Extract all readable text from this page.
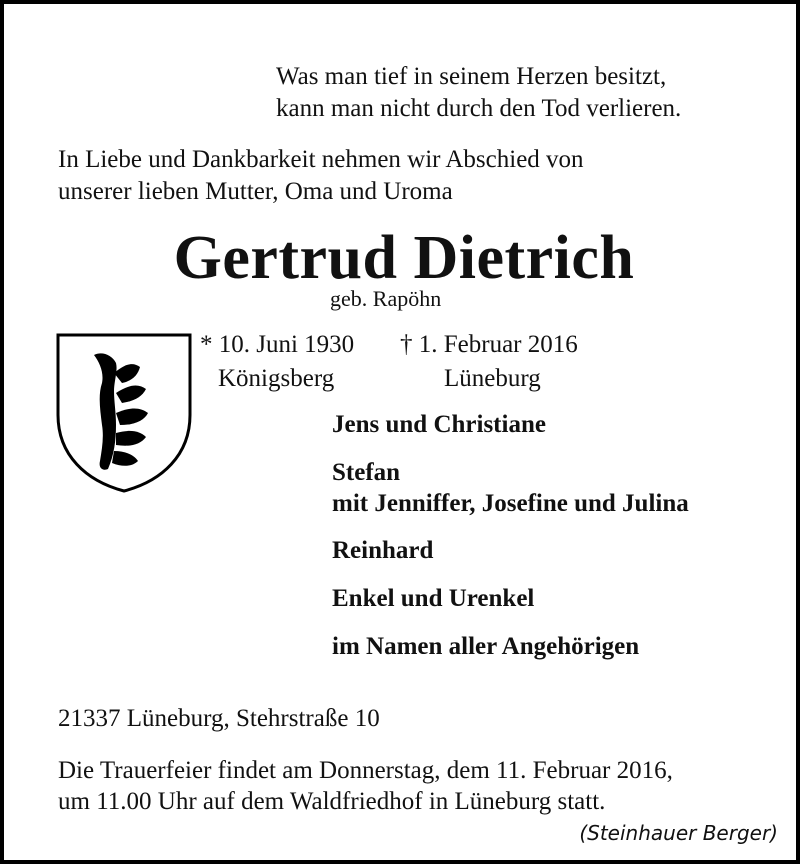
Was man tief in seinem Herzen besitzt,
kann man nicht durch den Tod verlieren.
In Liebe und Dankbarkeit nehmen wir Abschied von
unserer lieben Mutter, Oma und Uroma
Gertrud Dietrich
geb. Rapöhn
* 10. Juni 1930 † 1. Februar 2016
Königsberg	Lüneburg
Jens und Christiane
Stefan
mit Jenniffer, Josefine und Julina
Reinhard
Enkel und Urenkel
im Namen aller Angehörigen
21337 Lüneburg, Stehrstraße 10
Die Trauerfeier findet am Donnerstag, dem 11. Februar 2016,
um 11.00 Uhr auf dem Waldfriedhof in Lüneburg statt.
(Steinhauer Berger)
